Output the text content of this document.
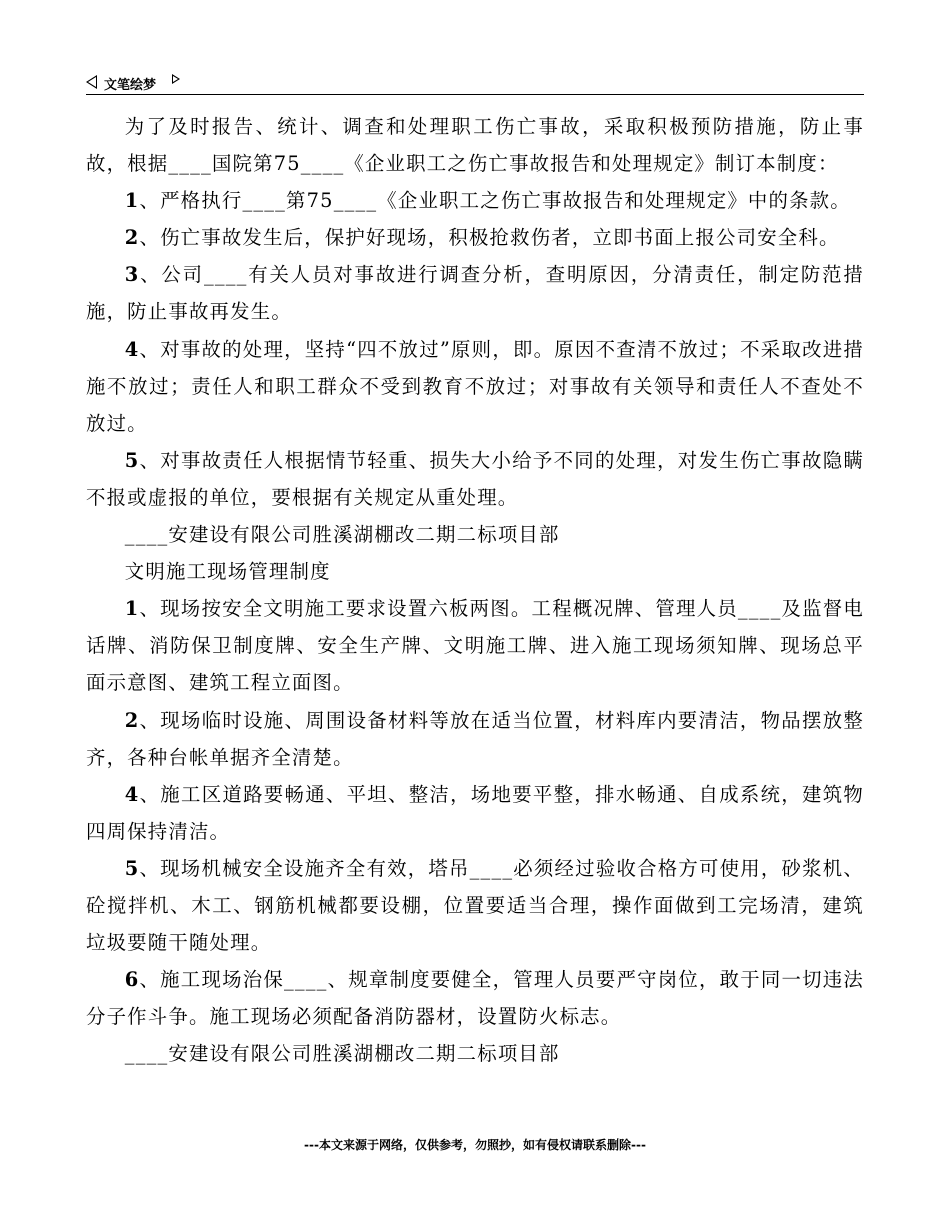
文笔绘梦

为了及时报告、统计、调查和处理职工伤亡事故，采取积极预防措施，防止事故，根据____国院第75____《企业职工之伤亡事故报告和处理规定》制订本制度：

1、严格执行____第75____《企业职工之伤亡事故报告和处理规定》中的条款。

2、伤亡事故发生后，保护好现场，积极抢救伤者，立即书面上报公司安全科。

3、公司____有关人员对事故进行调查分析，查明原因，分清责任，制定防范措施，防止事故再发生。

4、对事故的处理，坚持“四不放过”原则，即。原因不查清不放过；不采取改进措施不放过；责任人和职工群众不受到教育不放过；对事故有关领导和责任人不查处不放过。

5、对事故责任人根据情节轻重、损失大小给予不同的处理，对发生伤亡事故隐瞒不报或虚报的单位，要根据有关规定从重处理。

____安建设有限公司胜溪湖棚改二期二标项目部

文明施工现场管理制度

1、现场按安全文明施工要求设置六板两图。工程概况牌、管理人员____及监督电话牌、消防保卫制度牌、安全生产牌、文明施工牌、进入施工现场须知牌、现场总平面示意图、建筑工程立面图。

2、现场临时设施、周围设备材料等放在适当位置，材料库内要清洁，物品摆放整齐，各种台帐单据齐全清楚。

4、施工区道路要畅通、平坦、整洁，场地要平整，排水畅通、自成系统，建筑物四周保持清洁。

5、现场机械安全设施齐全有效，塔吊____必须经过验收合格方可使用，砂浆机、砼搅拌机、木工、钢筋机械都要设棚，位置要适当合理，操作面做到工完场清，建筑垃圾要随干随处理。

6、施工现场治保____、规章制度要健全，管理人员要严守岗位，敢于同一切违法分子作斗争。施工现场必须配备消防器材，设置防火标志。

____安建设有限公司胜溪湖棚改二期二标项目部

---本文来源于网络，仅供参考，勿照抄，如有侵权请联系删除---
